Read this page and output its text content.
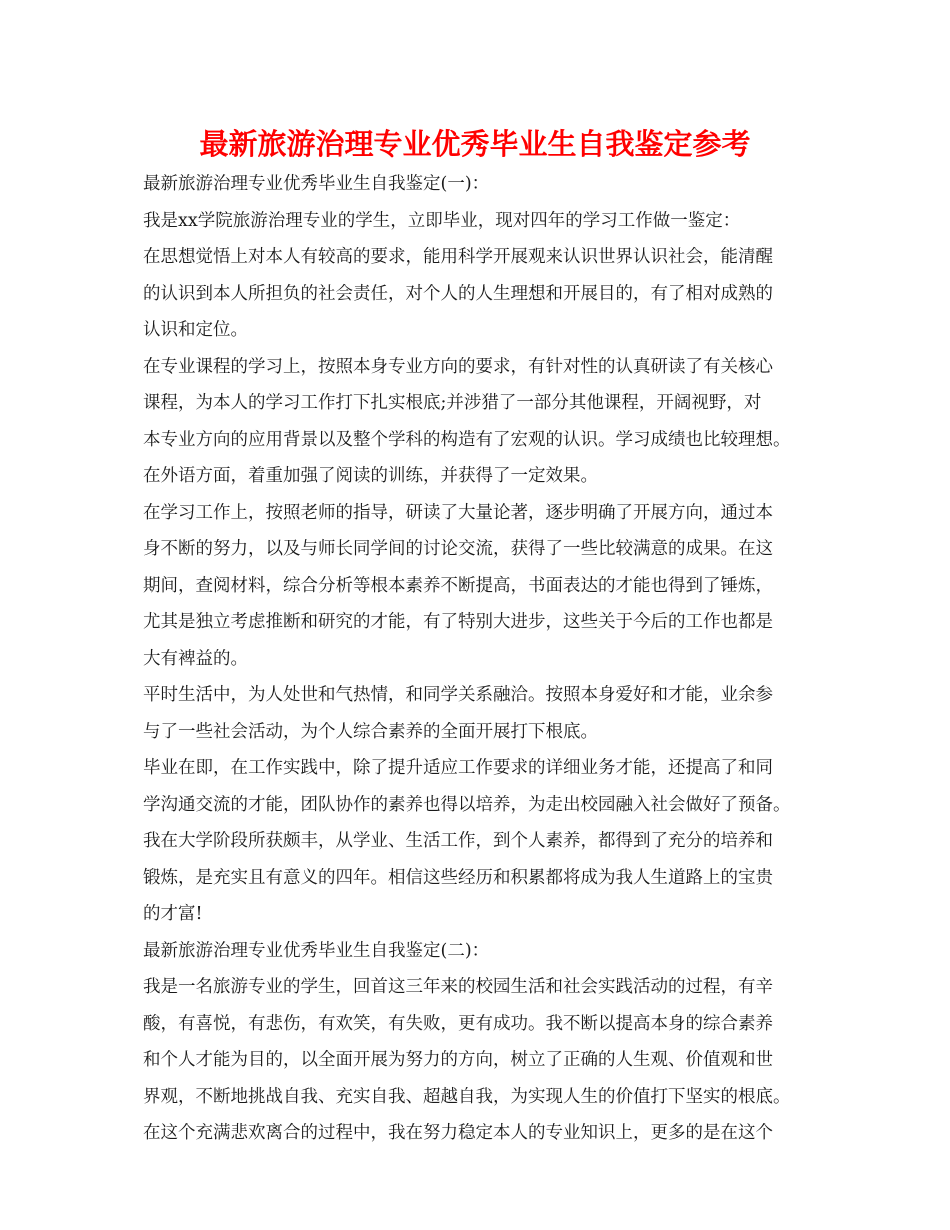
最新旅游治理专业优秀毕业生自我鉴定参考
最新旅游治理专业优秀毕业生自我鉴定(一)：
我是xx学院旅游治理专业的学生，立即毕业，现对四年的学习工作做一鉴定：
在思想觉悟上对本人有较高的要求，能用科学开展观来认识世界认识社会，能清醒
的认识到本人所担负的社会责任，对个人的人生理想和开展目的，有了相对成熟的
认识和定位。
在专业课程的学习上，按照本身专业方向的要求，有针对性的认真研读了有关核心
课程，为本人的学习工作打下扎实根底;并涉猎了一部分其他课程，开阔视野，对
本专业方向的应用背景以及整个学科的构造有了宏观的认识。学习成绩也比较理想。
在外语方面，着重加强了阅读的训练，并获得了一定效果。
在学习工作上，按照老师的指导，研读了大量论著，逐步明确了开展方向，通过本
身不断的努力，以及与师长同学间的讨论交流，获得了一些比较满意的成果。在这
期间，查阅材料，综合分析等根本素养不断提高，书面表达的才能也得到了锤炼，
尤其是独立考虑推断和研究的才能，有了特别大进步，这些关于今后的工作也都是
大有裨益的。
平时生活中，为人处世和气热情，和同学关系融洽。按照本身爱好和才能，业余参
与了一些社会活动，为个人综合素养的全面开展打下根底。
毕业在即，在工作实践中，除了提升适应工作要求的详细业务才能，还提高了和同
学沟通交流的才能，团队协作的素养也得以培养，为走出校园融入社会做好了预备。
我在大学阶段所获颇丰，从学业、生活工作，到个人素养，都得到了充分的培养和
锻炼，是充实且有意义的四年。相信这些经历和积累都将成为我人生道路上的宝贵
的才富!
最新旅游治理专业优秀毕业生自我鉴定(二)：
我是一名旅游专业的学生，回首这三年来的校园生活和社会实践活动的过程，有辛
酸，有喜悦，有悲伤，有欢笑，有失败，更有成功。我不断以提高本身的综合素养
和个人才能为目的，以全面开展为努力的方向，树立了正确的人生观、价值观和世
界观，不断地挑战自我、充实自我、超越自我，为实现人生的价值打下坚实的根底。
在这个充满悲欢离合的过程中，我在努力稳定本人的专业知识上，更多的是在这个
